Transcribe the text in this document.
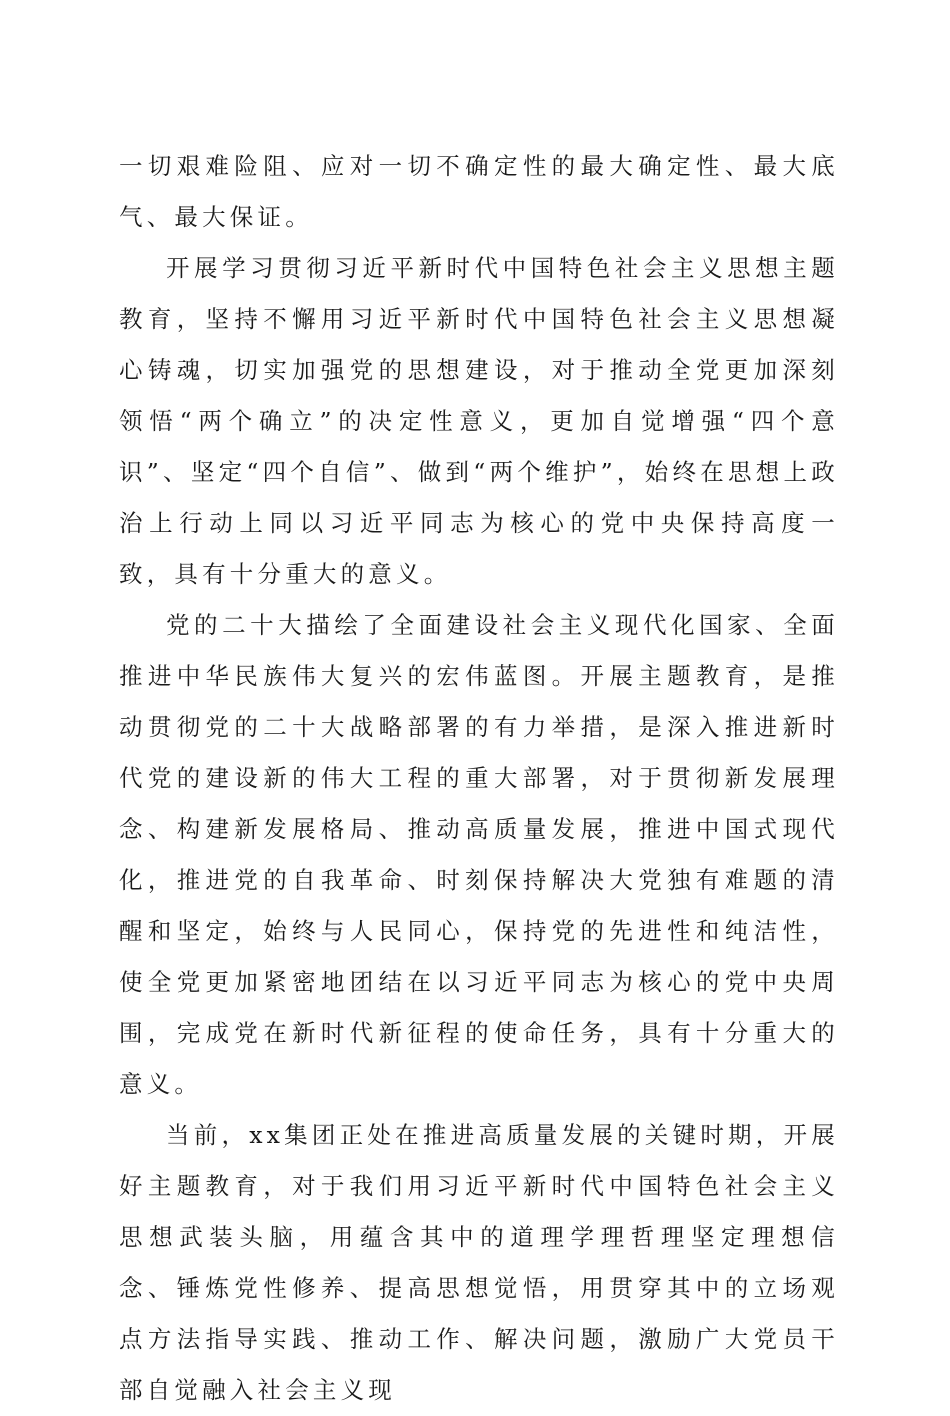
一切艰难险阻、应对一切不确定性的最大确定性、最大底气、最大保证。

开展学习贯彻习近平新时代中国特色社会主义思想主题教育，坚持不懈用习近平新时代中国特色社会主义思想凝心铸魂，切实加强党的思想建设，对于推动全党更加深刻领悟“两个确立”的决定性意义，更加自觉增强“四个意识”、坚定“四个自信”、做到“两个维护”，始终在思想上政治上行动上同以习近平同志为核心的党中央保持高度一致，具有十分重大的意义。

党的二十大描绘了全面建设社会主义现代化国家、全面推进中华民族伟大复兴的宏伟蓝图。开展主题教育，是推动贯彻党的二十大战略部署的有力举措，是深入推进新时代党的建设新的伟大工程的重大部署，对于贯彻新发展理念、构建新发展格局、推动高质量发展，推进中国式现代化，推进党的自我革命、时刻保持解决大党独有难题的清醒和坚定，始终与人民同心，保持党的先进性和纯洁性，使全党更加紧密地团结在以习近平同志为核心的党中央周围，完成党在新时代新征程的使命任务，具有十分重大的意义。

当前，xx集团正处在推进高质量发展的关键时期，开展好主题教育，对于我们用习近平新时代中国特色社会主义思想武装头脑，用蕴含其中的道理学理哲理坚定理想信念、锤炼党性修养、提高思想觉悟，用贯穿其中的立场观点方法指导实践、推动工作、解决问题，激励广大党员干部自觉融入社会主义现
